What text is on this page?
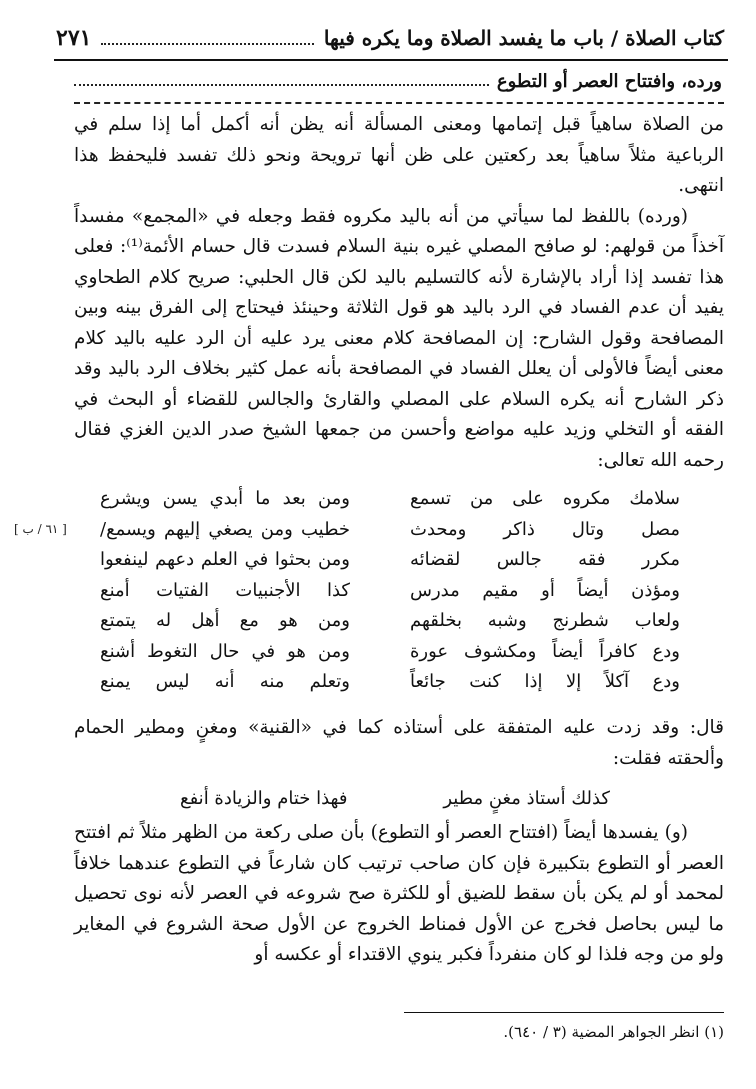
كتاب الصلاة / باب ما يفسد الصلاة وما يكره فيها
٢٧١
ورده، وافتتاح العصر أو التطوع

من الصلاة ساهياً قبل إتمامها ومعنى المسألة أنه يظن أنه أكمل أما إذا سلم في الرباعية مثلاً ساهياً بعد ركعتين على ظن أنها ترويحة ونحو ذلك تفسد فليحفظ هذا انتهى.

(ورده) باللفظ لما سيأتي من أنه باليد مكروه فقط وجعله في «المجمع» مفسداً آخذاً من قولهم: لو صافح المصلي غيره بنية السلام فسدت قال حسام الأئمة⁽¹⁾: فعلى هذا تفسد إذا أراد بالإشارة لأنه كالتسليم باليد لكن قال الحلبي: صريح كلام الطحاوي يفيد أن عدم الفساد في الرد باليد هو قول الثلاثة وحينئذ فيحتاج إلى الفرق بينه وبين المصافحة وقول الشارح: إن المصافحة كلام معنى يرد عليه أن الرد عليه باليد كلام معنى أيضاً فالأولى أن يعلل الفساد في المصافحة بأنه عمل كثير بخلاف الرد باليد وقد ذكر الشارح أنه يكره السلام على المصلي والقارئ والجالس للقضاء أو البحث في الفقه أو التخلي وزيد عليه مواضع وأحسن من جمعها الشيخ صدر الدين الغزي فقال رحمه الله تعالى:

[ ٦١ / ب ]
سلامك مكروه على من تسمع
ومن بعد ما أبدي يسن ويشرع
مصل وتال ذاكر ومحدث
خطيب ومن يصغي إليهم ويسمع/
مكرر فقه جالس لقضائه
ومن بحثوا في العلم دعهم لينفعوا
ومؤذن أيضاً أو مقيم مدرس
كذا الأجنبيات الفتيات أمنع
ولعاب شطرنج وشبه بخلقهم
ومن هو مع أهل له يتمتع
ودع كافراً أيضاً ومكشوف عورة
ومن هو في حال التغوط أشنع
ودع آكلاً إلا إذا كنت جائعاً
وتعلم منه أنه ليس يمنع
قال: وقد زدت عليه المتفقة على أستاذه كما في «القنية» ومغنٍ ومطير الحمام وألحقته فقلت:
كذلك أستاذ مغنٍ مطير
فهذا ختام والزيادة أنفع

(و) يفسدها أيضاً (افتتاح العصر أو التطوع) بأن صلى ركعة من الظهر مثلاً ثم افتتح العصر أو التطوع بتكبيرة فإن كان صاحب ترتيب كان شارعاً في التطوع عندهما خلافاً لمحمد أو لم يكن بأن سقط للضيق أو للكثرة صح شروعه في العصر لأنه نوى تحصيل ما ليس بحاصل فخرج عن الأول فمناط الخروج عن الأول صحة الشروع في المغاير ولو من وجه فلذا لو كان منفرداً فكبر ينوي الاقتداء أو عكسه أو

(١) انظر الجواهر المضية (٣ / ٦٤٠).
